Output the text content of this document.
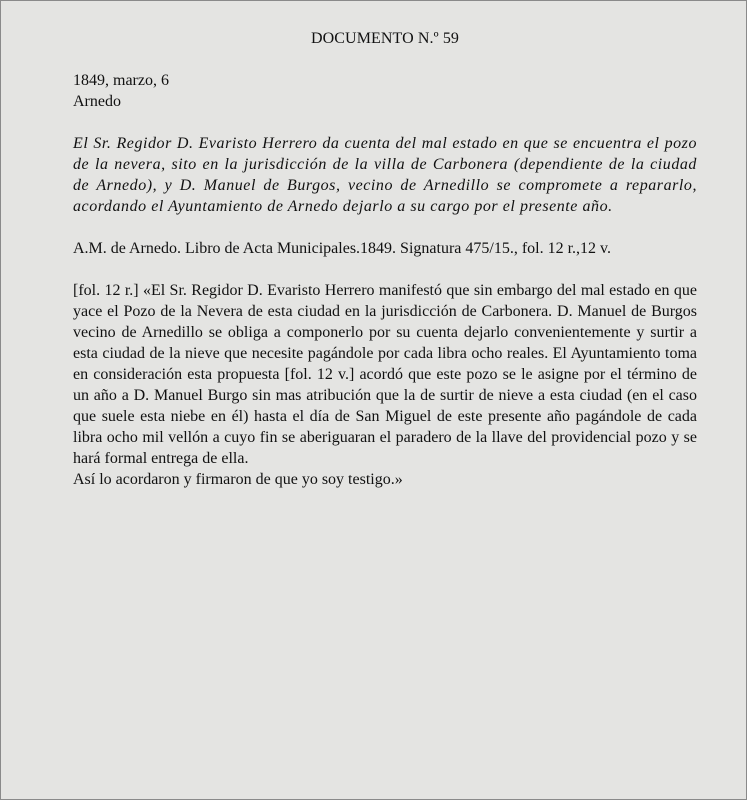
DOCUMENTO N.º 59

1849, marzo, 6

Arnedo

El Sr. Regidor D. Evaristo Herrero da cuenta del mal estado en que se encuentra el pozo de la nevera, sito en la jurisdicción de la villa de Carbonera (dependiente de la ciudad de Arnedo), y D. Manuel de Burgos, vecino de Arnedillo se compromete a repararlo, acordando el Ayuntamiento de Arnedo dejarlo a su cargo por el presente año.

A.M. de Arnedo. Libro de Acta Municipales.1849. Signatura 475/15., fol. 12 r.,12 v.

[fol. 12 r.] «El Sr. Regidor D. Evaristo Herrero manifestó que sin embargo del mal estado en que yace el Pozo de la Nevera de esta ciudad en la jurisdicción de Carbonera. D. Manuel de Burgos vecino de Arnedillo se obliga a componerlo por su cuenta dejarlo convenientemente y surtir a esta ciudad de la nieve que necesite pagándole por cada libra ocho reales. El Ayuntamiento toma en consideración esta propuesta [fol. 12 v.] acordó que este pozo se le asigne por el término de un año a D. Manuel Burgo sin mas atribución que la de surtir de nieve a esta ciudad (en el caso que suele esta niebe en él) hasta el día de San Miguel de este presente año pagándole de cada libra ocho mil vellón a cuyo fin se aberiguaran el paradero de la llave del providencial pozo y se hará formal entrega de ella.

Así lo acordaron y firmaron de que yo soy testigo.»
